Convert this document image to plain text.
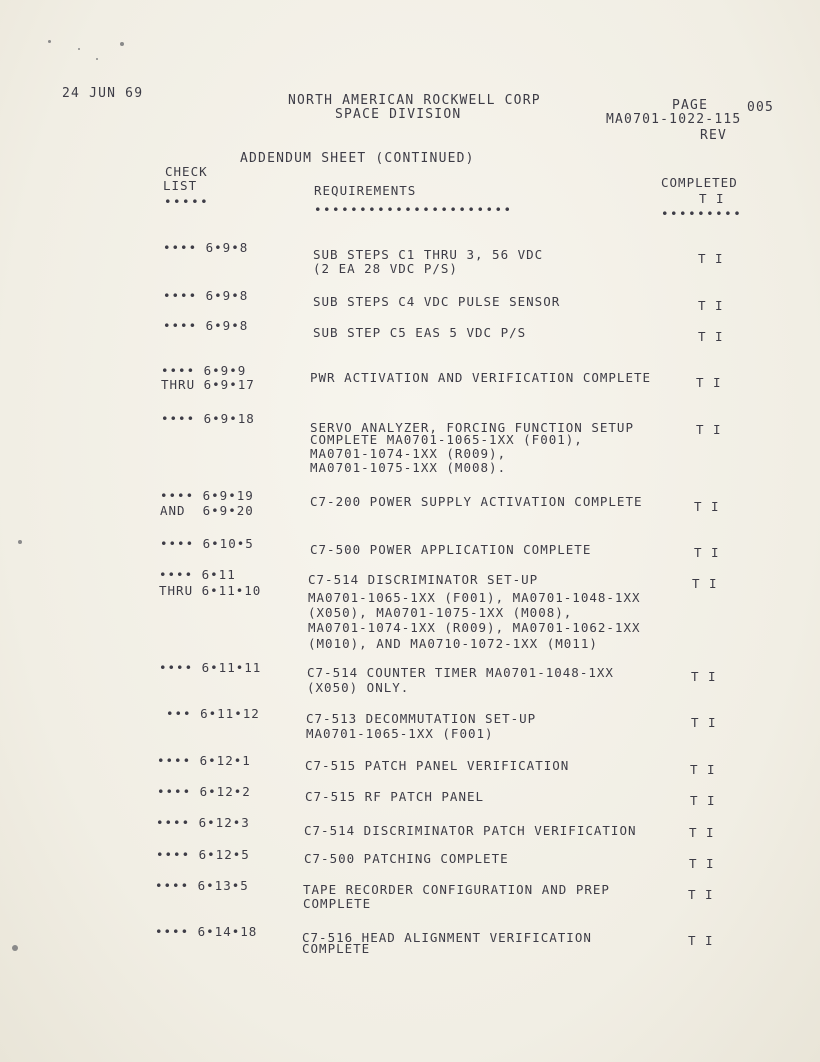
24 JUN 69	NORTH AMERICAN ROCKWELL CORP
SPACE DIVISION
PAGE	005
MA0701-1022-115
REV
ADDENDUM SHEET (CONTINUED)
CHECK
LIST
•••••
REQUIREMENTS
••••••••••••••••••••••
COMPLETED
T I
•••••••••
•••• 6•9•8	SUB STEPS C1 THRU 3, 56 VDC
(2 EA 28 VDC P/S)
T I
•••• 6•9•8	SUB STEPS C4 VDC PULSE SENSOR	T I
•••• 6•9•8	SUB STEP C5 EAS 5 VDC P/S	T I
•••• 6•9•9
THRU 6•9•17	PWR ACTIVATION AND VERIFICATION COMPLETE	T I
•••• 6•9•18
SERVO ANALYZER, FORCING FUNCTION SETUP
COMPLETE MA0701-1065-1XX (F001),
MA0701-1074-1XX (R009),
MA0701-1075-1XX (M008).
T I
•••• 6•9•19
AND  6•9•20
C7-200 POWER SUPPLY ACTIVATION COMPLETE	T I
•••• 6•10•5	C7-500 POWER APPLICATION COMPLETE	T I
•••• 6•11
THRU 6•11•10
C7-514 DISCRIMINATOR SET-UP
MA0701-1065-1XX (F001), MA0701-1048-1XX
(X050), MA0701-1075-1XX (M008),
MA0701-1074-1XX (R009), MA0701-1062-1XX
(M010), AND MA0710-1072-1XX (M011)
T I
•••• 6•11•11	C7-514 COUNTER TIMER MA0701-1048-1XX
(X050) ONLY.
T I
••• 6•11•12	C7-513 DECOMMUTATION SET-UP
MA0701-1065-1XX (F001)
T I
•••• 6•12•1	C7-515 PATCH PANEL VERIFICATION	T I
•••• 6•12•2	C7-515 RF PATCH PANEL	T I
•••• 6•12•3
C7-514 DISCRIMINATOR PATCH VERIFICATION	T I
•••• 6•12•5	C7-500 PATCHING COMPLETE	T I
•••• 6•13•5	TAPE RECORDER CONFIGURATION AND PREP
COMPLETE
T I
•••• 6•14•18	C7-516 HEAD ALIGNMENT VERIFICATION
COMPLETE
T I
